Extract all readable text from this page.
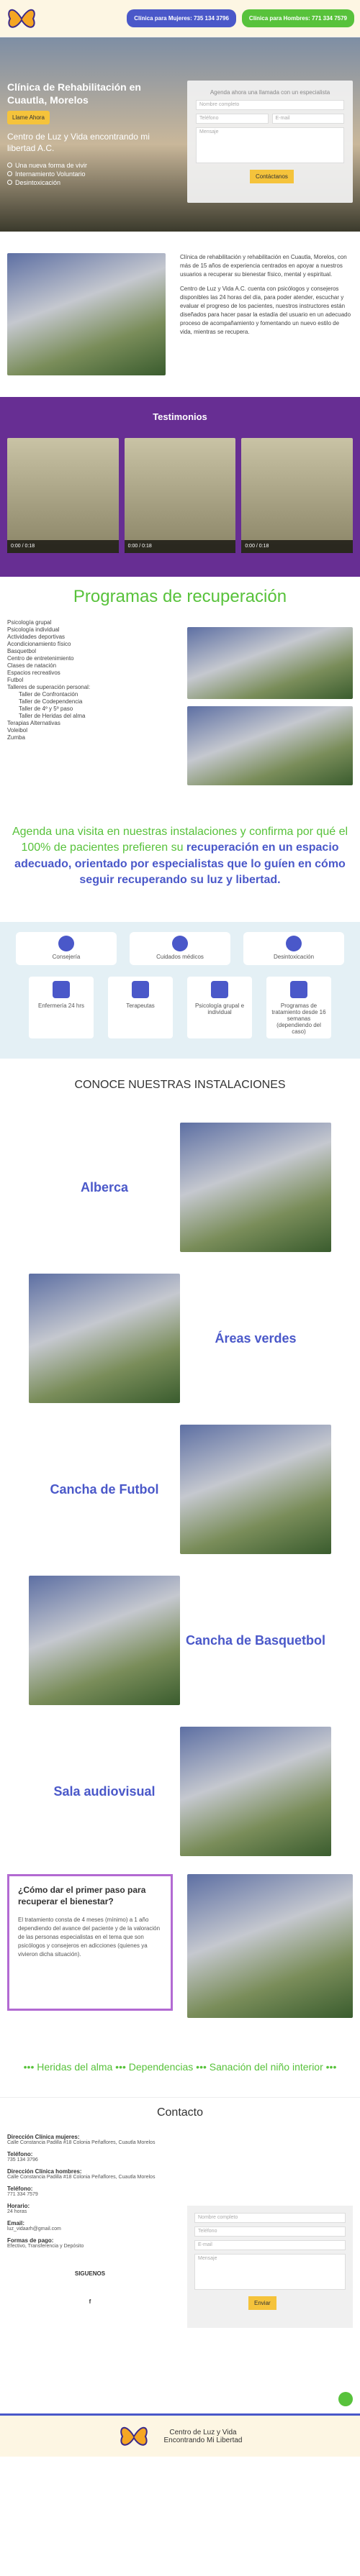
Clínica para Mujeres: 735 134 3796	Clínica para Hombres: 771 334 7579
Clínica de Rehabilitación en Cuautla, Morelos
Llame Ahora
Centro de Luz y Vida encontrando mi libertad A.C.
Una nueva forma de vivir
Internamiento Voluntario
Desintoxicación
Agenda ahora una llamada con un especialista
Nombre completo
Teléfono	E-mail
Mensaje
Contáctanos

Clínica de rehabilitación y rehabilitación en Cuautla, Morelos, con más de 15 años de experiencia centrados en apoyar a nuestros usuarios a recuperar su bienestar físico, mental y espiritual.

Centro de Luz y Vida A.C. cuenta con psicólogos y consejeros disponibles las 24 horas del día, para poder atender, escuchar y evaluar el progreso de los pacientes, nuestros instructores están diseñados para hacer pasar la estadía del usuario en un adecuado proceso de acompañamiento y fomentando un nuevo estilo de vida, mientras se recupera.

Testimonios
0:00 / 0:18	0:00 / 0:18	0:00 / 0:18
Programas de recuperación
Psicología grupal
Psicología individual
Actividades deportivas
Acondicionamiento físico
Basquetbol
Centro de entretenimiento
Clases de natación
Espacios recreativos
Futbol
Talleres de superación personal:
Taller de Confrontación
Taller de Codependencia
Taller de 4º y 5º paso
Taller de Heridas del alma
Terapias Alternativas
Voleibol
Zumba
Agenda una visita en nuestras instalaciones y confirma por qué el 100% de pacientes prefieren su recuperación en un espacio adecuado, orientado por especialistas que lo guíen en cómo seguir recuperando su luz y libertad.
Consejería	Cuidados médicos	Desintoxicación
Enfermería 24 hrs	Terapeutas	Psicología grupal e individual
Programas de tratamiento desde 16 semanas (dependiendo del caso)
CONOCE NUESTRAS INSTALACIONES
Alberca
Áreas verdes
Cancha de Futbol
Cancha de Basquetbol
Sala audiovisual
¿Cómo dar el primer paso para recuperar el bienestar?

El tratamiento consta de 4 meses (mínimo) a 1 año dependiendo del avance del paciente y de la valoración de las personas especialistas en el tema que son psicólogos y consejeros en adicciones (quienes ya vivieron dicha situación).

••• Heridas del alma ••• Dependencias ••• Sanación del niño interior •••
Contacto
Dirección Clínica mujeres:
Calle Constancia Padilla #18 Colonia Peñaflores, Cuautla Morelos
Teléfono:
735 134 3796
Dirección Clínica hombres:
Calle Constancia Padilla #18 Colonia Peñaflores, Cuautla Morelos
Teléfono:
771 334 7579
Horario:
24 horas
Email:
luz_vidaarh@gmail.com
Formas de pago:
Efectivo, Transferencia y Depósito
SIGUENOS
f
Nombre completo
Teléfono
E-mail
Mensaje
Enviar
Centro de Luz y Vida
Encontrando Mi Libertad
